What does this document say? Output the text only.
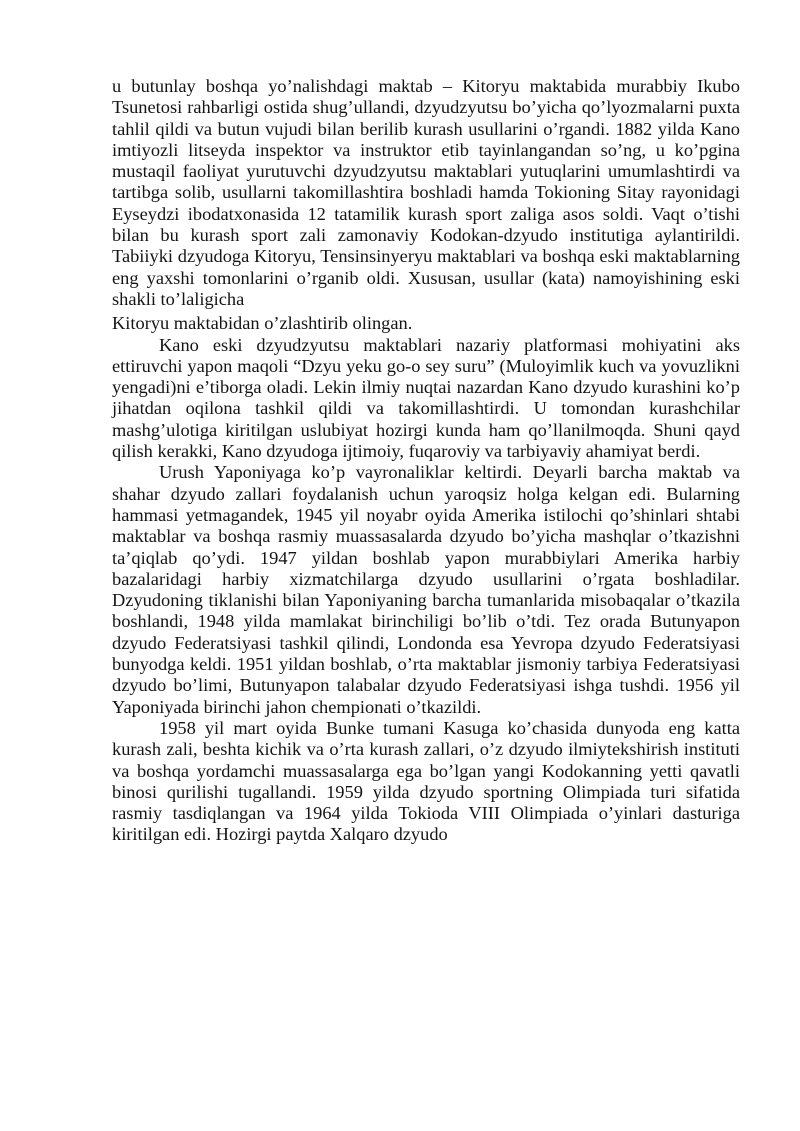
u butunlay boshqa yo’nalishdagi maktab – Kitoryu maktabida murabbiy Ikubo Tsunetosi rahbarligi ostida shug’ullandi, dzyudzyutsu bo’yicha qo’lyozmalarni puxta tahlil qildi va butun vujudi bilan berilib kurash usullarini o’rgandi. 1882 yilda Kano imtiyozli litseyda inspektor va instruktor etib tayinlangandan so’ng, u ko’pgina mustaqil faoliyat yurutuvchi dzyudzyutsu maktablari yutuqlarini umumlashtirdi va tartibga solib, usullarni takomillashtira boshladi hamda Tokioning Sitay rayonidagi Eyseydzi ibodatxonasida 12 tatamilik kurash sport zaliga asos soldi. Vaqt o’tishi bilan bu kurash sport zali zamonaviy Kodokan-dzyudo institutiga aylantirildi. Tabiiyki dzyudoga Kitoryu, Tensinsinyeryu maktablari va boshqa eski maktablarning eng yaxshi tomonlarini o’rganib oldi. Xususan, usullar (kata) namoyishining eski shakli to’laligicha

Kitoryu maktabidan o’zlashtirib olingan.

Kano eski dzyudzyutsu maktablari nazariy platformasi mohiyatini aks ettiruvchi yapon maqoli “Dzyu yeku go-o sey suru” (Muloyimlik kuch va yovuzlikni yengadi)ni e’tiborga oladi. Lekin ilmiy nuqtai nazardan Kano dzyudo kurashini ko’p jihatdan oqilona tashkil qildi va takomillashtirdi. U tomondan kurashchilar mashg’ulotiga kiritilgan uslubiyat hozirgi kunda ham qo’llanilmoqda. Shuni qayd qilish kerakki, Kano dzyudoga ijtimoiy, fuqaroviy va tarbiyaviy ahamiyat berdi.

Urush Yaponiyaga ko’p vayronaliklar keltirdi. Deyarli barcha maktab va shahar dzyudo zallari foydalanish uchun yaroqsiz holga kelgan edi. Bularning hammasi yetmagandek, 1945 yil noyabr oyida Amerika istilochi qo’shinlari shtabi maktablar va boshqa rasmiy muassasalarda dzyudo bo’yicha mashqlar o’tkazishni ta’qiqlab qo’ydi. 1947 yildan boshlab yapon murabbiylari Amerika harbiy bazalaridagi harbiy xizmatchilarga dzyudo usullarini o’rgata boshladilar. Dzyudoning tiklanishi bilan Yaponiyaning barcha tumanlarida misobaqalar o’tkazila boshlandi, 1948 yilda mamlakat birinchiligi bo’lib o’tdi. Tez orada Butunyapon dzyudo Federatsiyasi tashkil qilindi, Londonda esa Yevropa dzyudo Federatsiyasi bunyodga keldi. 1951 yildan boshlab, o’rta maktablar jismoniy tarbiya Federatsiyasi dzyudo bo’limi, Butunyapon talabalar dzyudo Federatsiyasi ishga tushdi. 1956 yil Yaponiyada birinchi jahon chempionati o’tkazildi.

1958 yil mart oyida Bunke tumani Kasuga ko’chasida dunyoda eng katta kurash zali, beshta kichik va o’rta kurash zallari, o’z dzyudo ilmiytekshirish instituti va boshqa yordamchi muassasalarga ega bo’lgan yangi Kodokanning yetti qavatli binosi qurilishi tugallandi. 1959 yilda dzyudo sportning Olimpiada turi sifatida rasmiy tasdiqlangan va 1964 yilda Tokioda VIII Olimpiada o’yinlari dasturiga kiritilgan edi. Hozirgi paytda Xalqaro dzyudo
